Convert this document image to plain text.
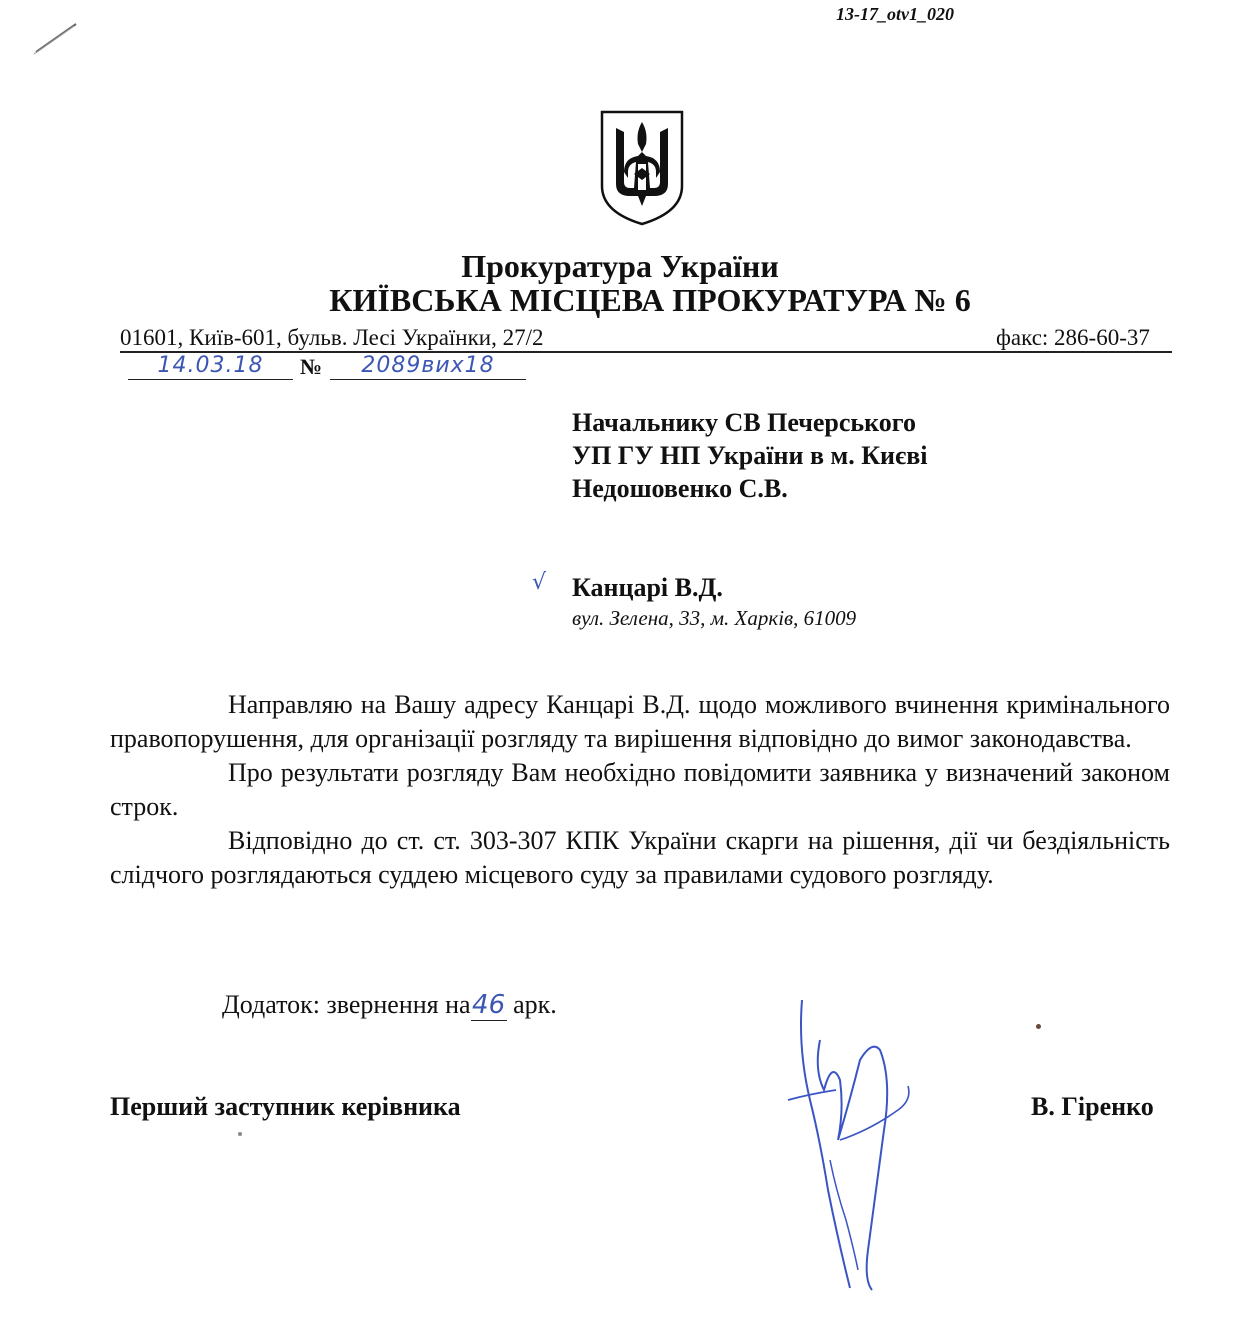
13-17_otv1_020
Прокуратура України
КИЇВСЬКА МІСЦЕВА ПРОКУРАТУРА № 6
01601, Київ-601, бульв. Лесі Українки, 27/2	факс: 286-60-37
14.03.18	№	2089вих18
Начальнику СВ Печерського
УП ГУ НП України в м. Києві
Недошовенко С.В.
√ Канцарі В.Д.
вул. Зелена, 33, м. Харків, 61009

Направляю на Вашу адресу Канцарі В.Д. щодо можливого вчинення кримінального правопорушення, для організації розгляду та вирішення відповідно до вимог законодавства.

Про результати розгляду Вам необхідно повідомити заявника у визначений законом строк.

Відповідно до ст. ст. 303-307 КПК України скарги на рішення, дії чи бездіяльність слідчого розглядаються суддею місцевого суду за правилами судового розгляду.

Додаток: звернення на46 арк.
Перший заступник керівника	В. Гіренко
